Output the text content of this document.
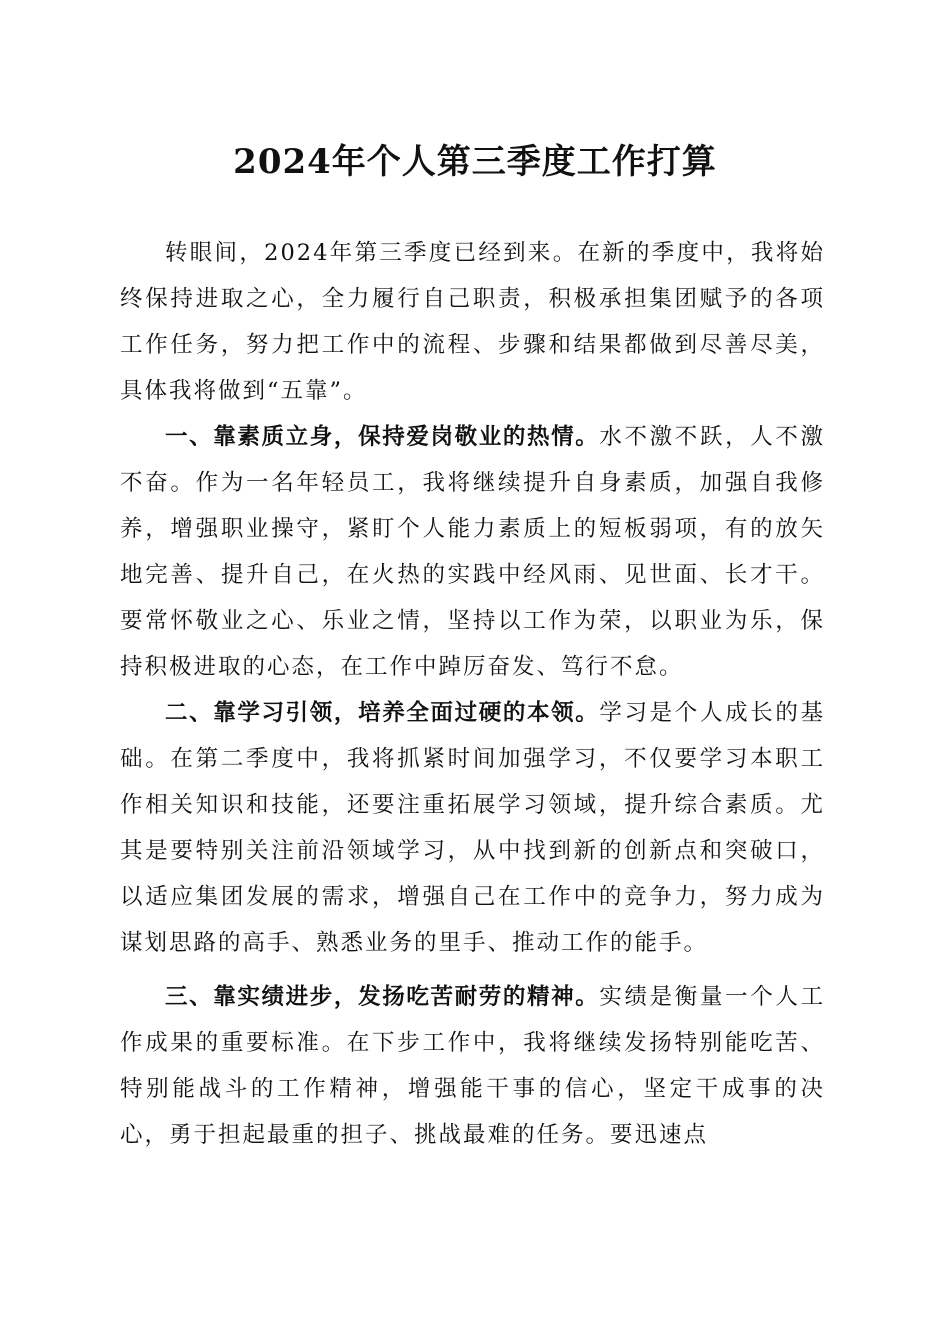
2024年个人第三季度工作打算

转眼间，2024年第三季度已经到来。在新的季度中，我将始终保持进取之心，全力履行自己职责，积极承担集团赋予的各项工作任务，努力把工作中的流程、步骤和结果都做到尽善尽美，具体我将做到“五靠”。

一、靠素质立身，保持爱岗敬业的热情。水不激不跃，人不激不奋。作为一名年轻员工，我将继续提升自身素质，加强自我修养，增强职业操守，紧盯个人能力素质上的短板弱项，有的放矢地完善、提升自己，在火热的实践中经风雨、见世面、长才干。要常怀敬业之心、乐业之情，坚持以工作为荣，以职业为乐，保持积极进取的心态，在工作中踔厉奋发、笃行不怠。

二、靠学习引领，培养全面过硬的本领。学习是个人成长的基础。在第二季度中，我将抓紧时间加强学习，不仅要学习本职工作相关知识和技能，还要注重拓展学习领域，提升综合素质。尤其是要特别关注前沿领域学习，从中找到新的创新点和突破口，以适应集团发展的需求，增强自己在工作中的竞争力，努力成为谋划思路的高手、熟悉业务的里手、推动工作的能手。

三、靠实绩进步，发扬吃苦耐劳的精神。实绩是衡量一个人工作成果的重要标准。在下步工作中，我将继续发扬特别能吃苦、特别能战斗的工作精神，增强能干事的信心，坚定干成事的决心，勇于担起最重的担子、挑战最难的任务。要迅速点
